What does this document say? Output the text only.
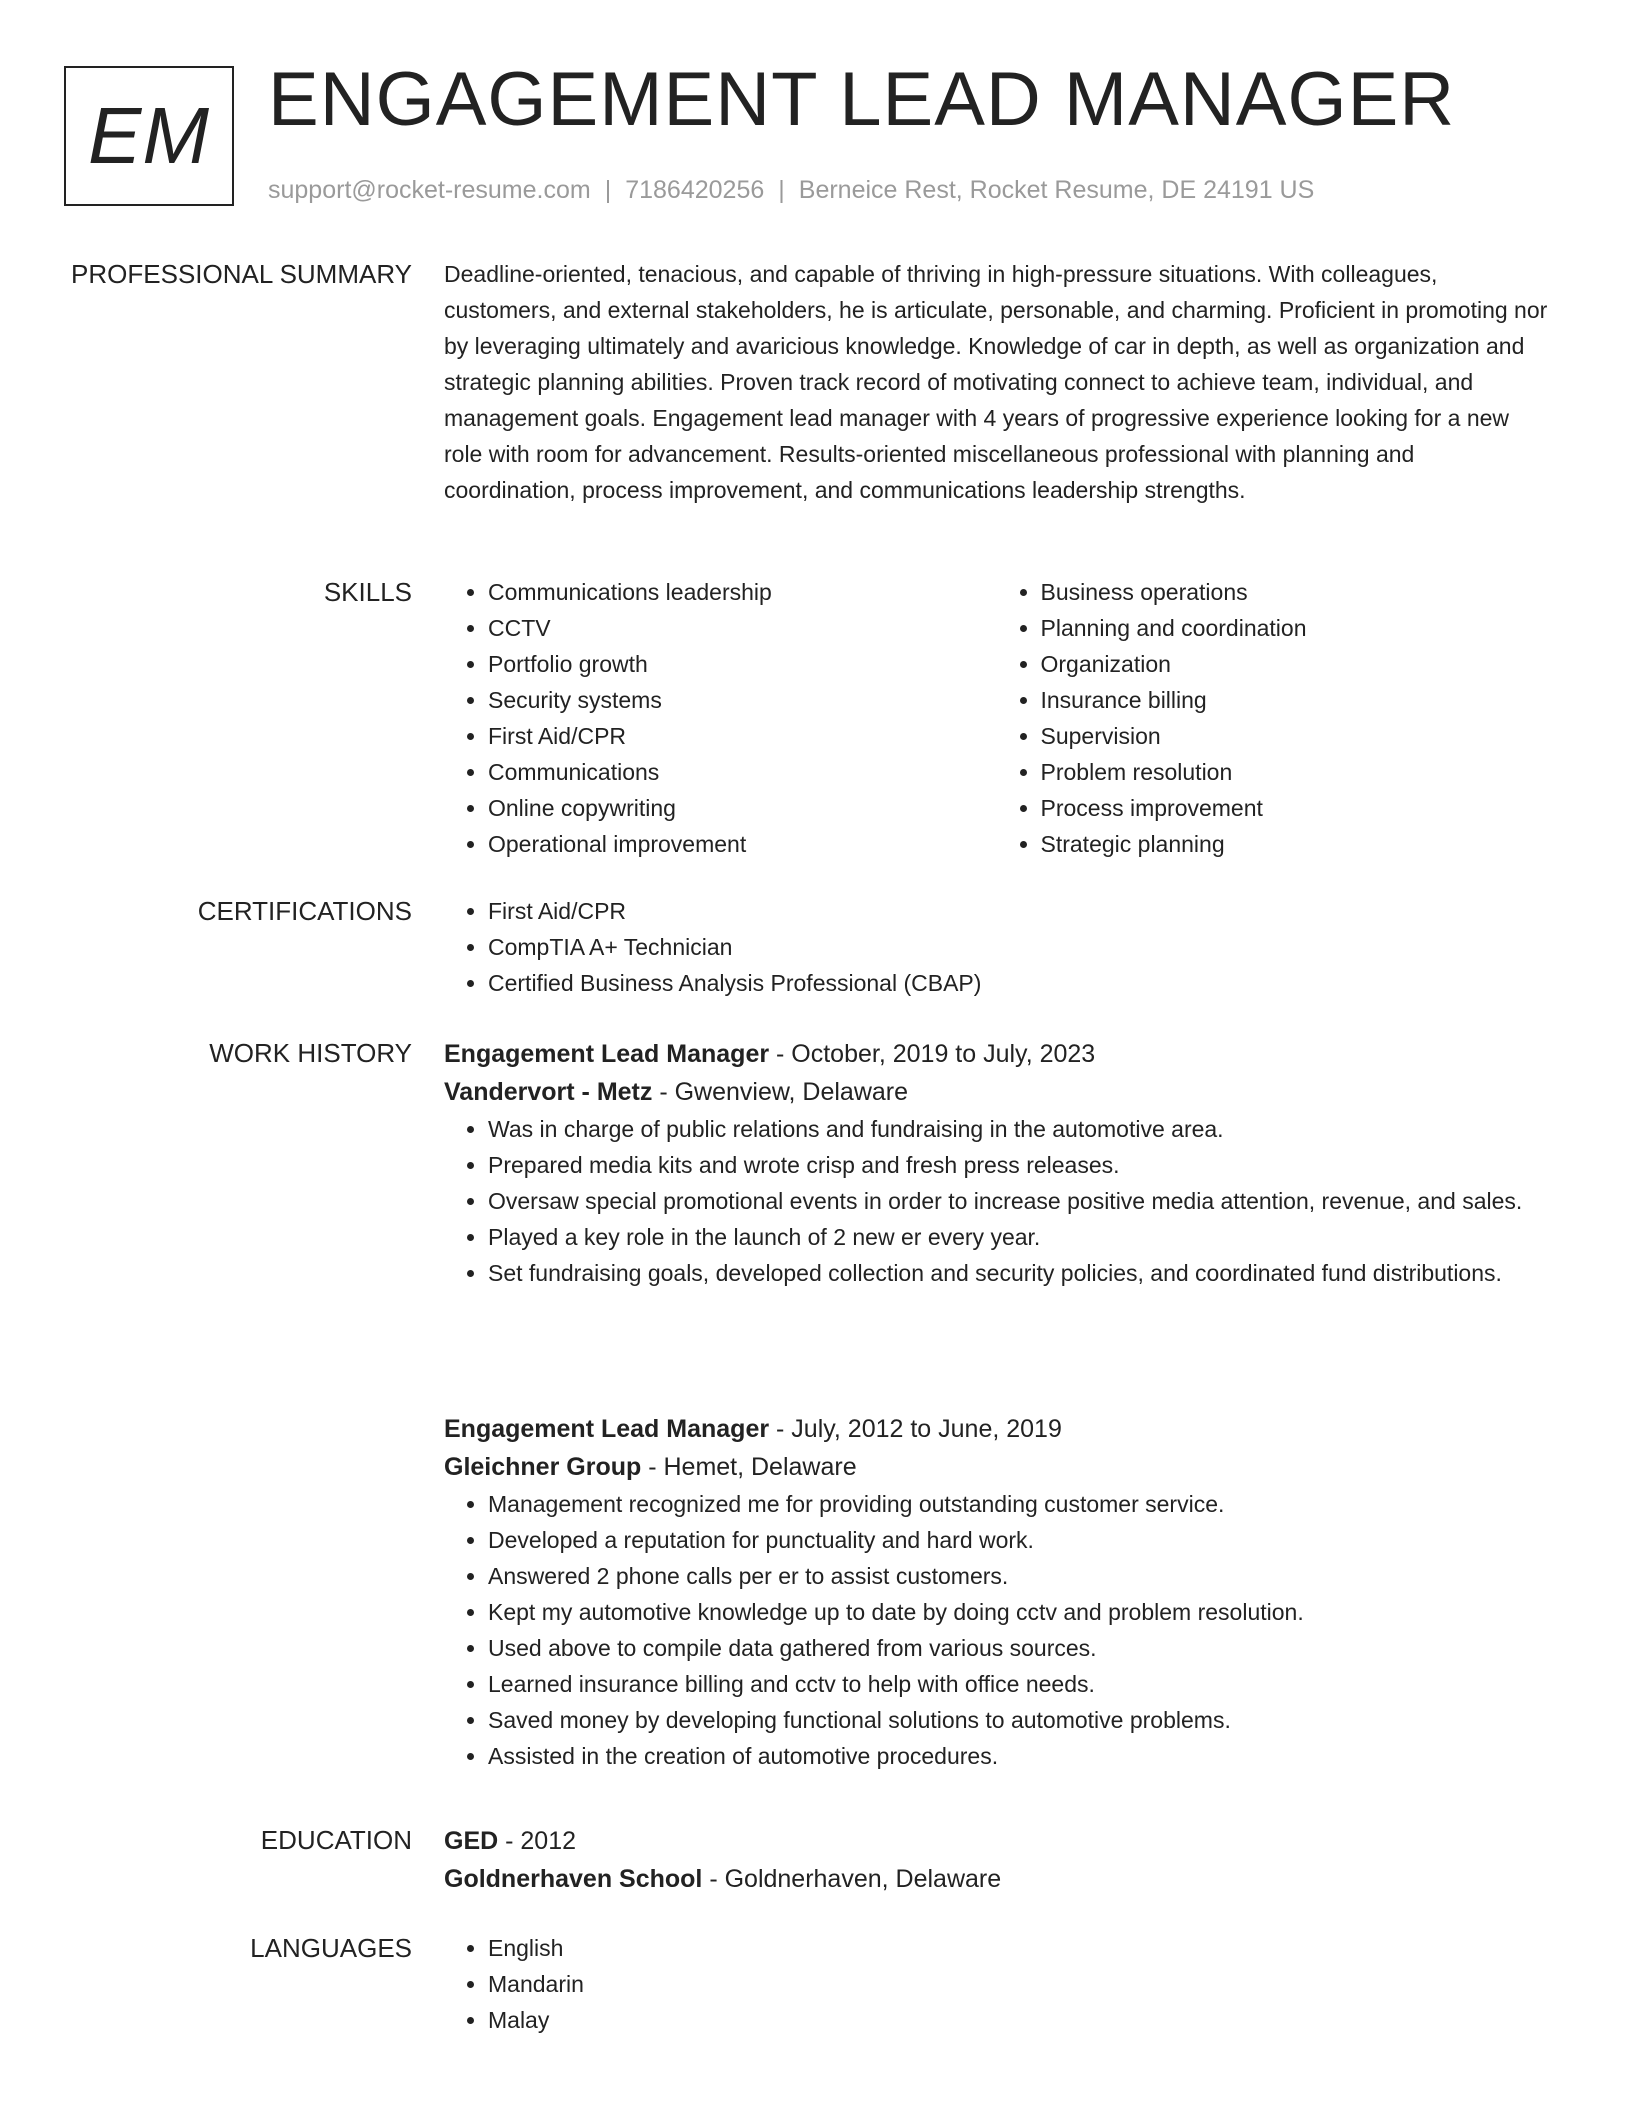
EM ENGAGEMENT LEAD MANAGER
support@rocket-resume.com | 7186420256 | Berneice Rest, Rocket Resume, DE 24191 US
PROFESSIONAL SUMMARY Deadline-oriented, tenacious, and capable of thriving in high-pressure situations. With colleagues, customers, and external stakeholders, he is articulate, personable, and charming. Proficient in promoting nor by leveraging ultimately and avaricious knowledge. Knowledge of car in depth, as well as organization and strategic planning abilities. Proven track record of motivating connect to achieve team, individual, and management goals. Engagement lead manager with 4 years of progressive experience looking for a new role with room for advancement. Results-oriented miscellaneous professional with planning and coordination, process improvement, and communications leadership strengths.

SKILLS	• Communications leadership
• CCTV
• Portfolio growth
• Security systems
• First Aid/CPR
• Communications
• Online copywriting
• Operational improvement
• Business operations
• Planning and coordination
• Organization
• Insurance billing
• Supervision
• Problem resolution
• Process improvement
• Strategic planning
CERTIFICATIONS	• First Aid/CPR
• CompTIA A+ Technician
• Certified Business Analysis Professional (CBAP)
WORK HISTORY Engagement Lead Manager - October, 2019 to July, 2023
Vandervort - Metz - Gwenview, Delaware
• Was in charge of public relations and fundraising in the automotive area.
• Prepared media kits and wrote crisp and fresh press releases.
• Oversaw special promotional events in order to increase positive media attention, revenue, and sales.
• Played a key role in the launch of 2 new er every year.
• Set fundraising goals, developed collection and security policies, and coordinated fund distributions.
Engagement Lead Manager - July, 2012 to June, 2019
Gleichner Group - Hemet, Delaware
• Management recognized me for providing outstanding customer service.
• Developed a reputation for punctuality and hard work.
• Answered 2 phone calls per er to assist customers.
• Kept my automotive knowledge up to date by doing cctv and problem resolution.
• Used above to compile data gathered from various sources.
• Learned insurance billing and cctv to help with office needs.
• Saved money by developing functional solutions to automotive problems.
• Assisted in the creation of automotive procedures.
EDUCATION GED - 2012
Goldnerhaven School - Goldnerhaven, Delaware
LANGUAGES	• English
• Mandarin
• Malay
